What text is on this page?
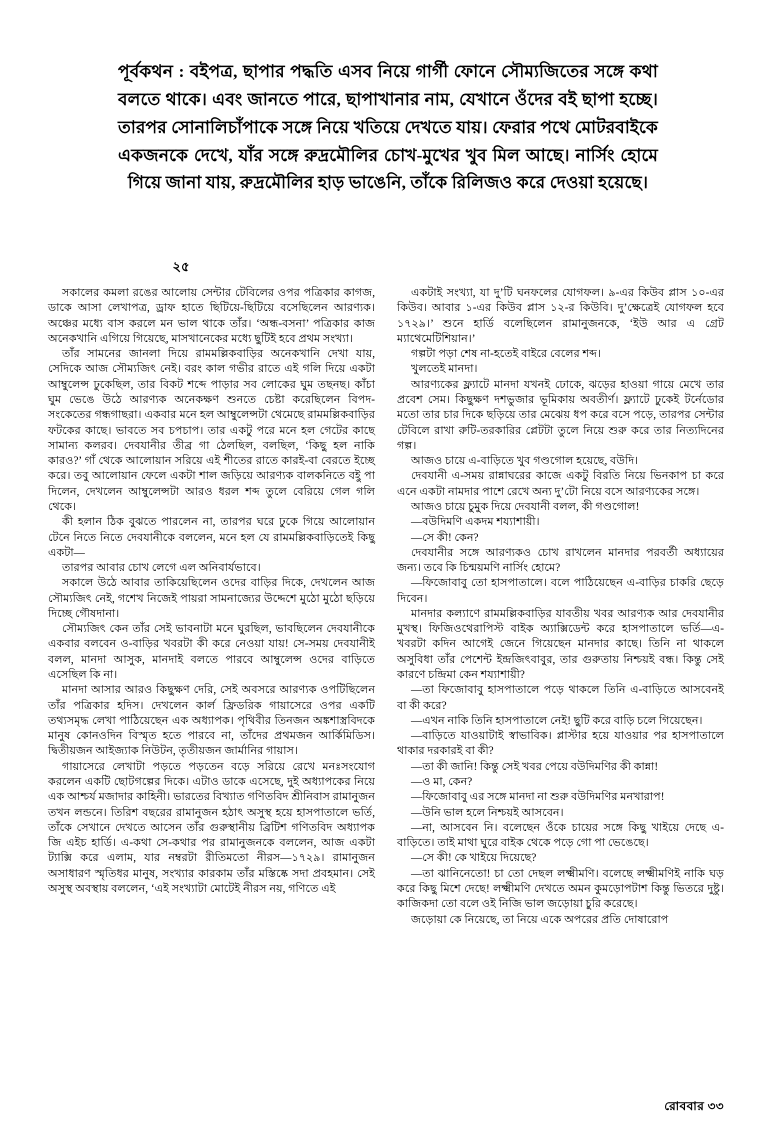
পূর্বকথন : বইপত্র, ছাপার পদ্ধতি এসব নিয়ে গার্গী ফোনে সৌম্যজিতের সঙ্গে কথা বলতে থাকে। এবং জানতে পারে, ছাপাখানার নাম, যেখানে ওঁদের বই ছাপা হচ্ছে। তারপর সোনালিচাঁপাকে সঙ্গে নিয়ে খতিয়ে দেখতে যায়। ফেরার পথে মোটরবাইকে একজনকে দেখে, যাঁর সঙ্গে রুদ্রমৌলির চোখ-মুখের খুব মিল আছে। নার্সিং হোমে গিয়ে জানা যায়, রুদ্রমৌলির হাড় ভাঙেনি, তাঁকে রিলিজও করে দেওয়া হয়েছে।
২৫

সকালের কমলা রঙের আলোয় সেন্টার টেবিলের ওপর পত্রিকার কাগজ, ডাকে আসা লেখাপত্র, ড্রাফ হাতে ছিটিয়ে-ছিটিয়ে বসেছিলেন আরণ্যক। অঞ্চের মধ্যে বাস করলে মন ভাল থাকে তাঁর। ‘অন্ধ-বসনা’ পত্রিকার কাজ অনেকখানি এগিয়ে গিয়েছে, মাসখানেকের মধ্যে ছুটিই হবে প্রথম সংখ্যা।

তাঁর সামনের জানলা দিয়ে রামমল্লিকবাড়ির অনেকখানি দেখা যায়, সেদিকে আজ সৌম্যজিৎ নেই। বরং কাল গভীর রাতে এই গলি দিয়ে একটা আম্বুলেন্স ঢুকেছিল, তার বিকট শব্দে পাড়ার সব লোকের ঘুম তছনছ। কাঁচা ঘুম ভেঙে উঠে আরণ্যক অনেকক্ষণ শুনতে চেষ্টা করেছিলেন বিপদ-সংকেতের গন্ধগাছরা। একবার মনে হল আম্বুলেন্সটা থেমেছে রামমল্লিকবাড়ির ফটকের কাছে। ভাবতে সব চপচাপ। তার একটু পরে মনে হল গেটের কাছে সামান্য কলরব। দেবযানীর তীব্র গা ঠেলছিল, বলছিল, ‘কিছু হল নাকি কারও?’ গাঁ থেকে আলোয়ান সরিয়ে এই শীতের রাতে কারই-বা বেরতে ইচ্ছে করে। তবু আলোয়ান ফেলে একটা শাল জড়িয়ে আরণ্যক বালকনিতে বইু পা দিলেন, দেখলেন আম্বুলেন্সটা আরও ধরল শব্দ তুলে বেরিয়ে গেল গলি থেকে।

কী হলান ঠিক বুঝতে পারলেন না, তারপর ঘরে ঢুকে গিয়ে আলোয়ান টেনে নিতে নিতে দেবযানীকে বললেন, মনে হল যে রামমল্লিকবাড়িতেই কিছু একটা—

তারপর আবার চোখ লেগে এল অনিবার্যভাবে।

সকালে উঠে আবার তাকিয়েছিলেন ওদের বাড়ির দিকে, দেখলেন আজ সৌম্যজিৎ নেই, গশেখ নিজেই পায়রা সামনাজ্যের উদ্দেশে মুঠো মুঠো ছড়িয়ে দিচ্ছে গৌষদানা।

সৌম্যজিৎ কেন তাঁর সেই ভাবনাটা মনে ঘুরছিল, ভাবছিলেন দেবযানীকে একবার বলবেন ও-বাড়ির খবরটা কী করে নেওয়া যায়! সে-সময় দেবযানীই বলল, মানদা আসুক, মানদাই বলতে পারবে আম্বুলেন্স ওদের বাড়িতে এসেছিল কি না।

মানদা আসার আরও কিছুক্ষণ দেরি, সেই অবসরে আরণ্যক ওপটিছিলেন তাঁর পত্রিকার হদিস। দেখলেন কার্ল ফ্রিডরিক গায়াসেরে ওপর একটি তথ্যসমৃদ্ধ লেখা পাঠিয়েছেন এক অধ্যাপক। পৃথিবীর তিনজন অঙ্কশাস্ত্রবিদকে মানুষ কোনওদিন বিস্মৃত হতে পারবে না, তাঁদের প্রথমজন আর্কিমিডিস। দ্বিতীয়জন আইজ্যাক নিউটন, তৃতীয়জন জার্মানির গায়াস।

গায়াসেরে লেখাটা পড়তে পড়তেন বড়ে সরিয়ে রেখে মনঃসংযোগ করলেন একটি ছোটগল্পের দিকে। এটাও ডাকে এসেছে, দুই অধ্যাপকের নিয়ে এক আশ্চর্য মজাদার কাহিনী। ভারতের বিখ্যাত গণিতবিদ শ্রীনিবাস রামানুজন তখন লন্ডনে। তিরিশ বছরের রামানুজন হঠাৎ অসুস্থ হয়ে হাসপাতালে ভর্তি, তাঁকে সেখানে দেখতে আসেন তাঁর গুরুস্থানীয় ব্রিটিশ গণিতবিদ অধ্যাপক জি এইচ হার্ডি। এ-কথা সে-কথার পর রামানুজনকে বললেন, আজ একটা ট্যাক্সি করে এলাম, যার নম্বরটা রীতিমতো নীরস—১৭২৯। রামানুজন অসাধারণ স্মৃতিধর মানুষ, সংখ্যার কারকাম তাঁর মস্তিষ্কে সদা প্রবহমান। সেই অসুস্থ অবস্থায় বললেন, ‘এই সংখ্যাটা মোটেই নীরস নয়, গণিতে এই

একটাই সংখ্যা, যা দু’টি ঘনফলের যোগফল। ৯-এর কিউব প্লাস ১০-এর কিউব। আবার ১-এর কিউব প্লাস ১২-র কিউবি। দু’ক্ষেত্রেই যোগফল হবে ১৭২৯।’ শুনে হার্ডি বলেছিলেন রামানুজনকে, ‘ইউ আর এ গ্রেট ম্যাথেমেটিশিয়ান।’

গল্পটা পড়া শেষ না-হতেই বাইরে বেলের শব্দ।

খুলতেই মানদা।

আরণ্যকের ফ্ল্যাটে মানদা যখনই ঢোকে, ঝড়ের হাওয়া গায়ে মেখে তার প্রবেশ সেম। কিছুক্ষণ দশভুজার ভূমিকায় অবতীর্ণ। ফ্ল্যাটে ঢুকেই টর্নেডোর মতো তার চার দিকে ছড়িয়ে তার মেঝেয় ধপ করে বসে পড়ে, তারপর সেন্টার টেবিলে রাখা রুটি-তরকারির প্লেটটা তুলে নিয়ে শুরু করে তার নিত্যদিনের গল্প।

আজও চায়ে এ-বাড়িতে খুব গণ্ডগোল হয়েছে, বউদি।

দেবযানী এ-সময় রান্নাঘরের কাজে একটু বিরতি নিয়ে ভিনকাপ চা করে এনে একটা নামদার পাশে রেখে অন্য দু’টো নিয়ে বসে আরণ্যকের সঙ্গে।

আজও চায়ে চুমুক দিয়ে দেবযানী বলল, কী গণ্ডগোল!

—বউদিমণি একদম শয্যাশায়ী।

—সে কী! কেন?

দেবযানীর সঙ্গে আরণ্যকও চোখ রাখলেন মানদার পরবর্তী অধ্যায়ের জন্য। তবে কি চিন্ময়মণি নার্সিং হোমে?

—ফিজোবাবু তো হাসপাতালে। বলে পাঠিয়েছেন এ-বাড়ির চাকরি ছেড়ে দিবেন।

মানদার কল্যাণে রামমল্লিকবাড়ির যাবতীয় খবর আরণ্যক আর দেবযানীর মুখস্থ। ফিজিওথেরাপিস্ট বাইক অ্যাক্সিডেন্ট করে হাসপাতালে ভর্তি—এ-খবরটা কদিন আগেই জেনে গিয়েছেন মানদার কাছে। তিনি না থাকলে অসুবিধা তাঁর পেশেন্ট ইন্দ্রজিৎবাবুর, তার গুরুতায় নিশ্চয়ই বন্ধ। কিন্তু সেই কারণে চন্দ্রিমা কেন শয্যাশায়ী?

—তা ফিজোবাবু হাসপাতালে পড়ে থাকলে তিনি এ-বাড়িতে আসবেনই বা কী করে?

—এখন নাকি তিনি হাসপাতালে নেই! ছুটি করে বাড়ি চলে গিয়েছেন।

—বাড়িতে যাওয়াটাই স্বাভাবিক। প্লাস্টার হয়ে যাওয়ার পর হাসপাতালে থাকার দরকারই বা কী?

—তা কী জানি! কিন্তু সেই খবর পেয়ে বউদিমণির কী কান্না!

—ও মা, কেন?

—ফিজোবাবু এর সঙ্গে মানদা না শুরু বউদিমণির মনখারাপ!

—উনি ভাল হলে নিশ্চয়ই আসবেন।

—না, আসবেন নি। বলেছেন ওঁকে চায়ের সঙ্গে কিছু খাইয়ে দেছে এ-বাড়িতে। তাই মাথা ঘুরে বাইক থেকে পড়ে গো পা ভেঙেছে।

—সে কী! কে খাইয়ে দিয়েছে?

—তা ঝানিনেতো! চা তো দেছল লক্ষ্মীমণি। বলেছে লক্ষ্মীমণিই নাকি ঘড় করে কিছু মিশে দেছে! লক্ষ্মীমণি দেখতে অমন কুমড়োপটাশ কিন্তু ভিতরে দুষ্টু। কাজিকদা তো বলে ওই নিজি ভাল জড়োয়া চুরি করেছে।

জড়োয়া কে নিয়েছে, তা নিয়ে একে অপরের প্রতি দোষারোপ

রোববার ৩৩
